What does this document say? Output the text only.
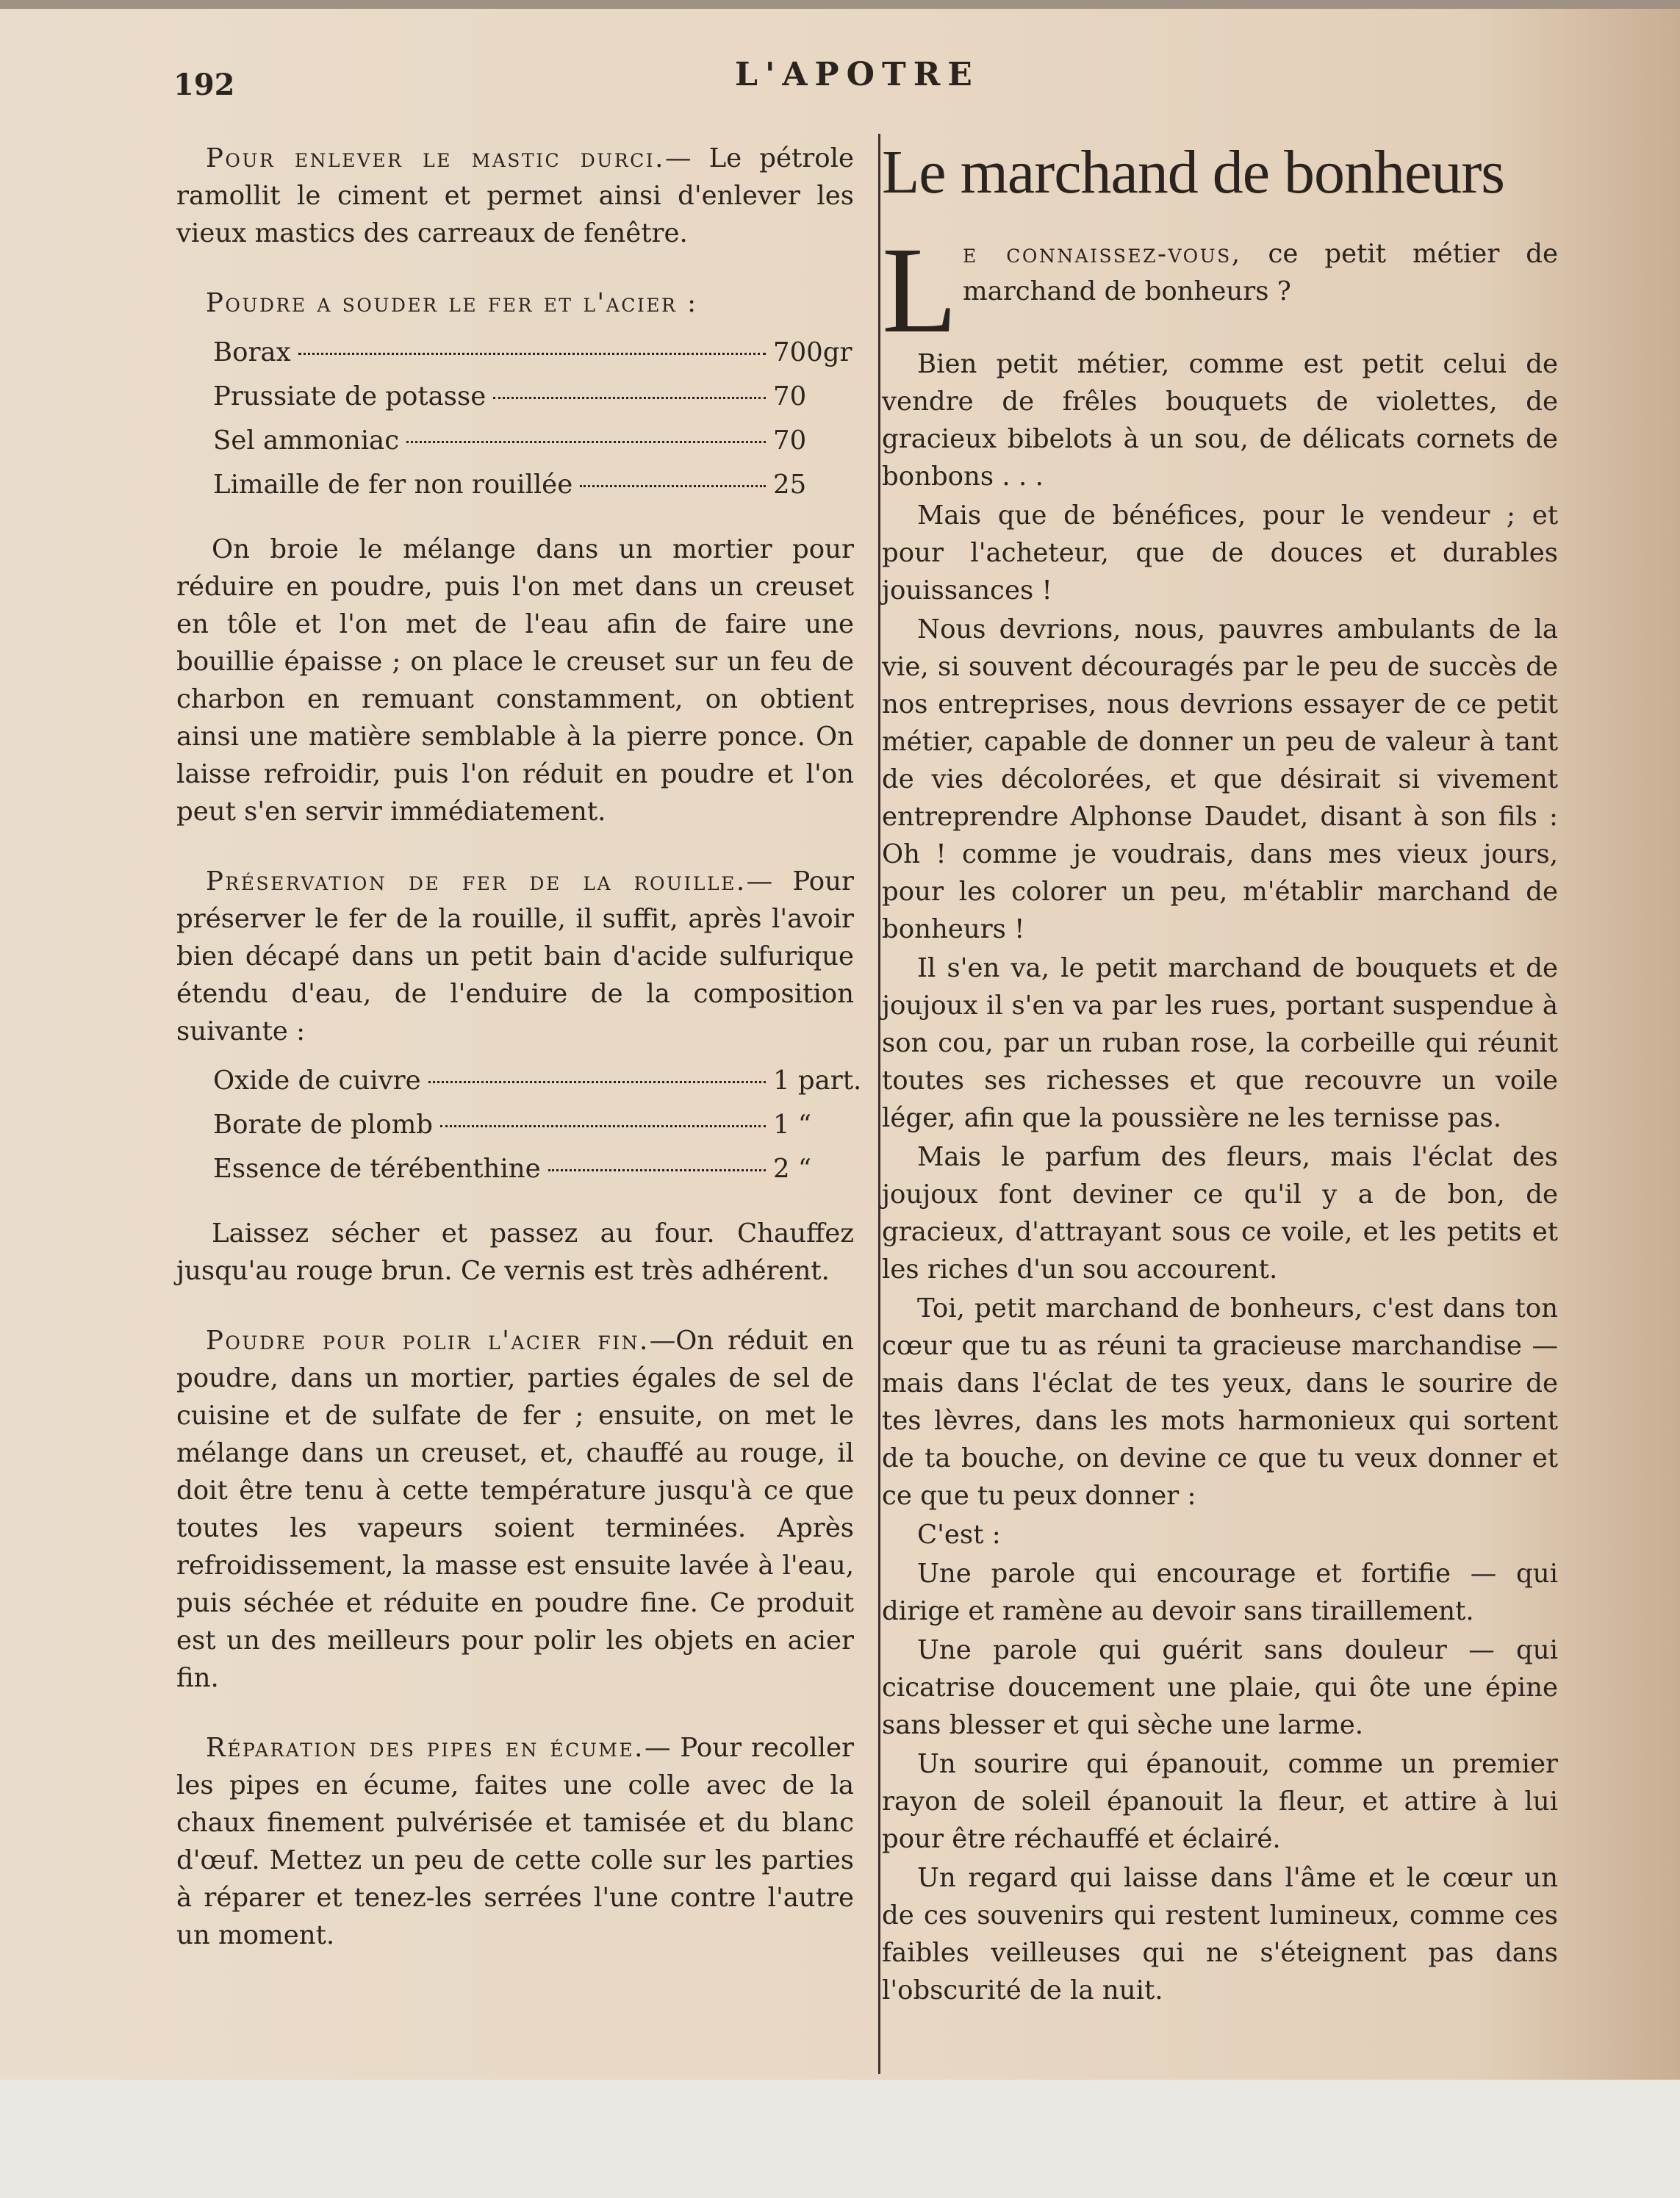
192	L'APOTRE

Pour enlever le mastic durci.— Le pétrole ramollit le ciment et permet ainsi d'enlever les vieux mastics des carreaux de fenêtre.

Poudre a souder le fer et l'acier :

Borax	700gr
Prussiate de potasse	70
Sel ammoniac	70
Limaille de fer non rouillée	25

On broie le mélange dans un mortier pour réduire en poudre, puis l'on met dans un creuset en tôle et l'on met de l'eau afin de faire une bouillie épaisse ; on place le creuset sur un feu de charbon en remuant constamment, on obtient ainsi une matière semblable à la pierre ponce. On laisse refroidir, puis l'on réduit en poudre et l'on peut s'en servir immédiatement.

Préservation de fer de la rouille.— Pour préserver le fer de la rouille, il suffit, après l'avoir bien décapé dans un petit bain d'acide sulfurique étendu d'eau, de l'enduire de la composition suivante :

Oxide de cuivre	1 part.
Borate de plomb	1 “
Essence de térébenthine	2 “

Laissez sécher et passez au four. Chauffez jusqu'au rouge brun. Ce vernis est très adhérent.

Poudre pour polir l'acier fin.—On réduit en poudre, dans un mortier, parties égales de sel de cuisine et de sulfate de fer ; ensuite, on met le mélange dans un creuset, et, chauffé au rouge, il doit être tenu à cette température jusqu'à ce que toutes les vapeurs soient terminées. Après refroidissement, la masse est ensuite lavée à l'eau, puis séchée et réduite en poudre fine. Ce produit est un des meilleurs pour polir les objets en acier fin.

Réparation des pipes en écume.— Pour recoller les pipes en écume, faites une colle avec de la chaux finement pulvérisée et tamisée et du blanc d'œuf. Mettez un peu de cette colle sur les parties à réparer et tenez-les serrées l'une contre l'autre un moment.

Le marchand de bonheurs
L e connaissez-vous, ce petit métier de marchand de bonheurs ?

Bien petit métier, comme est petit celui de vendre de frêles bouquets de violettes, de gracieux bibelots à un sou, de délicats cornets de bonbons . . .

Mais que de bénéfices, pour le vendeur ; et pour l'acheteur, que de douces et durables jouissances !

Nous devrions, nous, pauvres ambulants de la vie, si souvent découragés par le peu de succès de nos entreprises, nous devrions essayer de ce petit métier, capable de donner un peu de valeur à tant de vies décolorées, et que désirait si vivement entreprendre Alphonse Daudet, disant à son fils : Oh ! comme je voudrais, dans mes vieux jours, pour les colorer un peu, m'établir marchand de bonheurs !

Il s'en va, le petit marchand de bouquets et de joujoux il s'en va par les rues, portant suspendue à son cou, par un ruban rose, la corbeille qui réunit toutes ses richesses et que recouvre un voile léger, afin que la poussière ne les ternisse pas.

Mais le parfum des fleurs, mais l'éclat des joujoux font deviner ce qu'il y a de bon, de gracieux, d'attrayant sous ce voile, et les petits et les riches d'un sou accourent.

Toi, petit marchand de bonheurs, c'est dans ton cœur que tu as réuni ta gracieuse marchandise — mais dans l'éclat de tes yeux, dans le sourire de tes lèvres, dans les mots harmonieux qui sortent de ta bouche, on devine ce que tu veux donner et ce que tu peux donner :

C'est :

Une parole qui encourage et fortifie — qui dirige et ramène au devoir sans tiraillement.

Une parole qui guérit sans douleur — qui cicatrise doucement une plaie, qui ôte une épine sans blesser et qui sèche une larme.

Un sourire qui épanouit, comme un premier rayon de soleil épanouit la fleur, et attire à lui pour être réchauffé et éclairé.

Un regard qui laisse dans l'âme et le cœur un de ces souvenirs qui restent lumineux, comme ces faibles veilleuses qui ne s'éteignent pas dans l'obscurité de la nuit.
